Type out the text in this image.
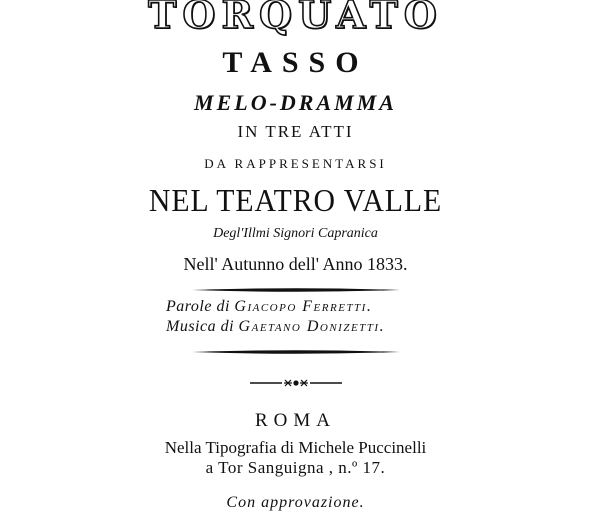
TORQUATO
TASSO
MELO-DRAMMA
IN TRE ATTI
DA RAPPRESENTARSI
NEL TEATRO VALLE
Degl'Illmi Signori Capranica
Nell' Autunno dell' Anno 1833.
Parole di Giacopo Ferretti.
Musica di Gaetano Donizetti.
ROMA
Nella Tipografia di Michele Puccinelli
a Tor Sanguigna , n.º 17.
Con approvazione.
